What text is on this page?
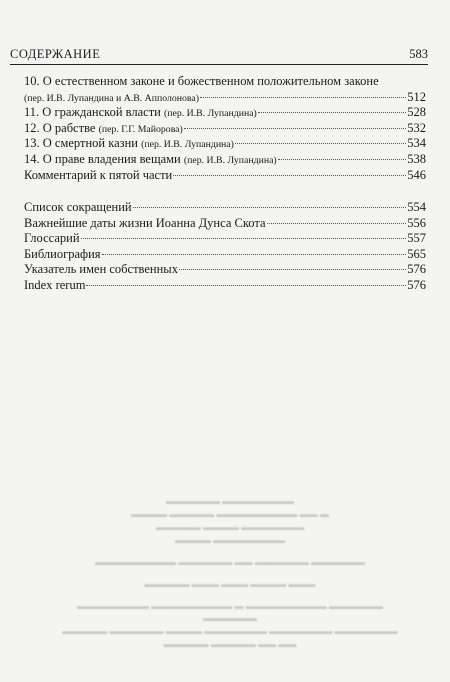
СОДЕРЖАНИЕ	583
10. О естественном законе и божественном положительном законе
(пер. И.В. Лупандина и А.В. Апполонова)	512
11. О гражданской власти
(пер. И.В. Лупандина)	528
12. О рабстве
(пер. Г.Г. Майорова)	532
13. О смертной казни
(пер. И.В. Лупандина)	534
14. О праве владения вещами
(пер. И.В. Лупандина)	538
Комментарий к пятой части	546
Список сокращений	554
Важнейшие даты жизни Иоанна Дунса Скота	556
Глоссарий	557
Библиография	565
Указатель имен собственных	576
Index rerum	576
▬▬▬▬▬▬ ▬▬▬▬▬▬▬▬
▬▬▬▬ ▬▬▬▬▬ ▬▬▬▬▬▬▬▬▬ ▬▬ ▬
▬▬▬▬▬ ▬▬▬▬ ▬▬▬▬▬▬▬
▬▬▬▬ ▬▬▬▬▬▬▬▬
▬▬▬▬▬▬▬▬▬ ▬▬▬▬▬▬ ▬▬ ▬▬▬▬▬▬ ▬▬▬▬▬▬
▬▬▬▬▬ ▬▬▬ ▬▬▬ ▬▬▬▬ ▬▬▬
▬▬▬▬▬▬▬▬ ▬▬▬▬▬▬▬▬▬ ▬ ▬▬▬▬▬▬▬▬▬ ▬▬▬▬▬▬ ▬▬▬▬▬▬
▬▬▬▬▬ ▬▬▬▬▬▬ ▬▬▬▬ ▬▬▬▬▬▬▬ ▬▬▬▬▬▬▬ ▬▬▬▬▬▬▬
▬▬▬▬▬ ▬▬▬▬▬ ▬▬ ▬▬
